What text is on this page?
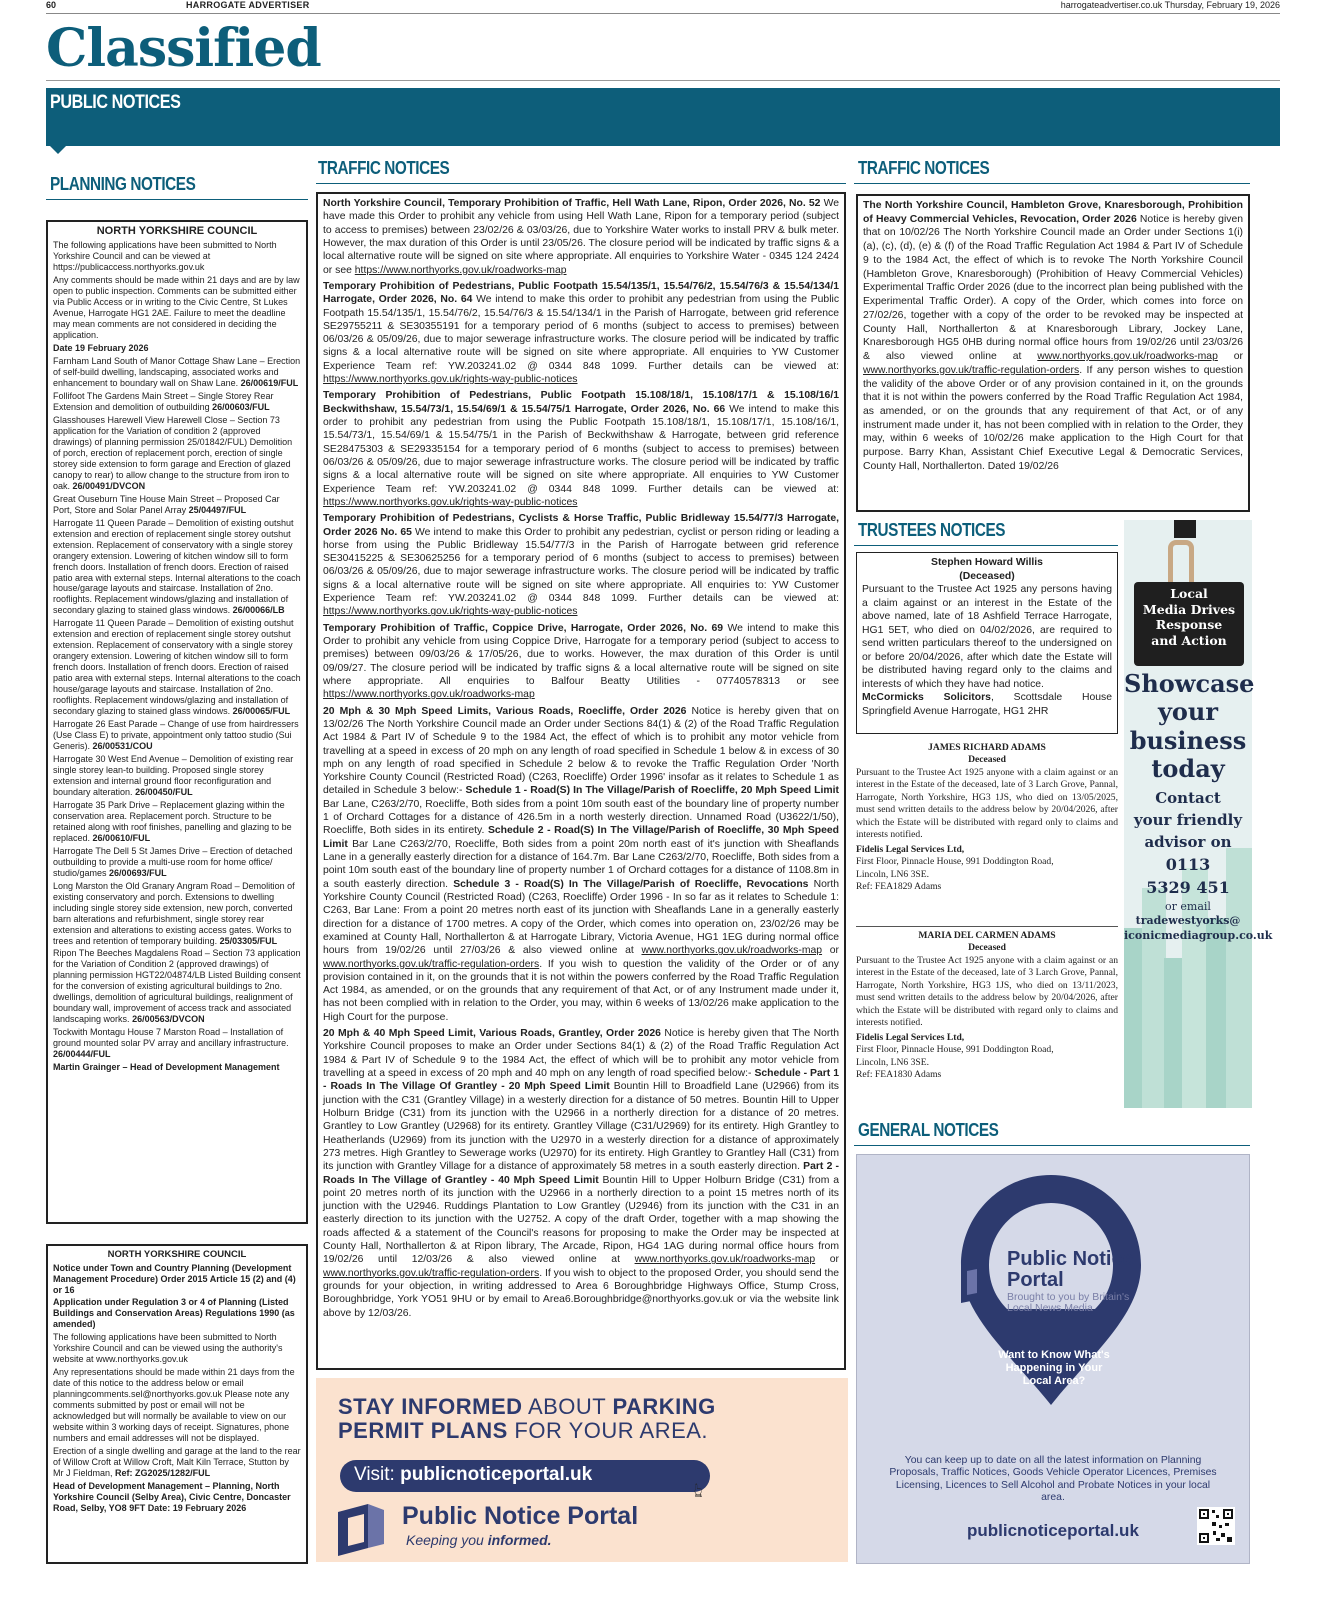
60	HARROGATE ADVERTISER	harrogateadvertiser.co.uk Thursday, February 19, 2026
Classified
PUBLIC NOTICES
PLANNING NOTICES
NORTH YORKSHIRE COUNCIL

The following applications have been submitted to North Yorkshire Council and can be viewed at https://publicaccess.northyorks.gov.uk

Any comments should be made within 21 days and are by law open to public inspection. Comments can be submitted either via Public Access or in writing to the Civic Centre, St Lukes Avenue, Harrogate HG1 2AE. Failure to meet the deadline may mean comments are not considered in deciding the application.

Date 19 February 2026

Farnham Land South of Manor Cottage Shaw Lane – Erection of self-build dwelling, landscaping, associated works and enhancement to boundary wall on Shaw Lane. 26/00619/FUL

Follifoot The Gardens Main Street – Single Storey Rear Extension and demolition of outbuilding 26/00603/FUL

Glasshouses Harewell View Harewell Close – Section 73 application for the Variation of condition 2 (approved drawings) of planning permission 25/01842/FUL) Demolition of porch, erection of replacement porch, erection of single storey side extension to form garage and Erection of glazed canopy to rear) to allow change to the structure from iron to oak. 26/00491/DVCON

Great Ouseburn Tine House Main Street – Proposed Car Port, Store and Solar Panel Array 25/04497/FUL

Harrogate 11 Queen Parade – Demolition of existing outshut extension and erection of replacement single storey outshut extension. Replacement of conservatory with a single storey orangery extension. Lowering of kitchen window sill to form french doors. Installation of french doors. Erection of raised patio area with external steps. Internal alterations to the coach house/garage layouts and staircase. Installation of 2no. rooflights. Replacement windows/glazing and installation of secondary glazing to stained glass windows. 26/00066/LB

Harrogate 11 Queen Parade – Demolition of existing outshut extension and erection of replacement single storey outshut extension. Replacement of conservatory with a single storey orangery extension. Lowering of kitchen window sill to form french doors. Installation of french doors. Erection of raised patio area with external steps. Internal alterations to the coach house/garage layouts and staircase. Installation of 2no. rooflights. Replacement windows/glazing and installation of secondary glazing to stained glass windows. 26/00065/FUL

Harrogate 26 East Parade – Change of use from hairdressers (Use Class E) to private, appointment only tattoo studio (Sui Generis). 26/00531/COU

Harrogate 30 West End Avenue – Demolition of existing rear single storey lean-to building. Proposed single storey extension and internal ground floor reconfiguration and boundary alteration. 26/00450/FUL

Harrogate 35 Park Drive – Replacement glazing within the conservation area. Replacement porch. Structure to be retained along with roof finishes, panelling and glazing to be replaced. 26/00610/FUL

Harrogate The Dell 5 St James Drive – Erection of detached outbuilding to provide a multi-use room for home office/ studio/games 26/00693/FUL

Long Marston the Old Granary Angram Road – Demolition of existing conservatory and porch. Extensions to dwelling including single storey side extension, new porch, converted barn alterations and refurbishment, single storey rear extension and alterations to existing access gates. Works to trees and retention of temporary building. 25/03305/FUL

Ripon The Beeches Magdalens Road – Section 73 application for the Variation of Condition 2 (approved drawings) of planning permission HGT22/04874/LB Listed Building consent for the conversion of existing agricultural buildings to 2no. dwellings, demolition of agricultural buildings, realignment of boundary wall, improvement of access track and associated landscaping works. 26/00563/DVCON

Tockwith Montagu House 7 Marston Road – Installation of ground mounted solar PV array and ancillary infrastructure. 26/00444/FUL

Martin Grainger – Head of Development Management

NORTH YORKSHIRE COUNCIL

Notice under Town and Country Planning (Development Management Procedure) Order 2015 Article 15 (2) and (4) or 16

Application under Regulation 3 or 4 of Planning (Listed Buildings and Conservation Areas) Regulations 1990 (as amended)

The following applications have been submitted to North Yorkshire Council and can be viewed using the authority's website at www.northyorks.gov.uk

Any representations should be made within 21 days from the date of this notice to the address below or email planningcomments.sel@northyorks.gov.uk Please note any comments submitted by post or email will not be acknowledged but will normally be available to view on our website within 3 working days of receipt. Signatures, phone numbers and email addresses will not be displayed.

Erection of a single dwelling and garage at the land to the rear of Willow Croft at Willow Croft, Malt Kiln Terrace, Stutton by Mr J Fieldman, Ref: ZG2025/1282/FUL

Head of Development Management – Planning, North Yorkshire Council (Selby Area), Civic Centre, Doncaster Road, Selby, YO8 9FT Date: 19 February 2026

TRAFFIC NOTICES

North Yorkshire Council, Temporary Prohibition of Traffic, Hell Wath Lane, Ripon, Order 2026, No. 52 We have made this Order to prohibit any vehicle from using Hell Wath Lane, Ripon for a temporary period (subject to access to premises) between 23/02/26 & 03/03/26, due to Yorkshire Water works to install PRV & bulk meter. However, the max duration of this Order is until 23/05/26. The closure period will be indicated by traffic signs & a local alternative route will be signed on site where appropriate. All enquiries to Yorkshire Water - 0345 124 2424 or see https://www.northyorks.gov.uk/roadworks-map

Temporary Prohibition of Pedestrians, Public Footpath 15.54/135/1, 15.54/76/2, 15.54/76/3 & 15.54/134/1 Harrogate, Order 2026, No. 64 We intend to make this order to prohibit any pedestrian from using the Public Footpath 15.54/135/1, 15.54/76/2, 15.54/76/3 & 15.54/134/1 in the Parish of Harrogate, between grid reference SE29755211 & SE30355191 for a temporary period of 6 months (subject to access to premises) between 06/03/26 & 05/09/26, due to major sewerage infrastructure works. The closure period will be indicated by traffic signs & a local alternative route will be signed on site where appropriate. All enquiries to YW Customer Experience Team ref: YW.203241.02 @ 0344 848 1099. Further details can be viewed at: https://www.northyorks.gov.uk/rights-way-public-notices

Temporary Prohibition of Pedestrians, Public Footpath 15.108/18/1, 15.108/17/1 & 15.108/16/1 Beckwithshaw, 15.54/73/1, 15.54/69/1 & 15.54/75/1 Harrogate, Order 2026, No. 66 We intend to make this order to prohibit any pedestrian from using the Public Footpath 15.108/18/1, 15.108/17/1, 15.108/16/1, 15.54/73/1, 15.54/69/1 & 15.54/75/1 in the Parish of Beckwithshaw & Harrogate, between grid reference SE28475303 & SE29335154 for a temporary period of 6 months (subject to access to premises) between 06/03/26 & 05/09/26, due to major sewerage infrastructure works. The closure period will be indicated by traffic signs & a local alternative route will be signed on site where appropriate. All enquiries to YW Customer Experience Team ref: YW.203241.02 @ 0344 848 1099. Further details can be viewed at: https://www.northyorks.gov.uk/rights-way-public-notices

Temporary Prohibition of Pedestrians, Cyclists & Horse Traffic, Public Bridleway 15.54/77/3 Harrogate, Order 2026 No. 65 We intend to make this Order to prohibit any pedestrian, cyclist or person riding or leading a horse from using the Public Bridleway 15.54/77/3 in the Parish of Harrogate between grid reference SE30415225 & SE30625256 for a temporary period of 6 months (subject to access to premises) between 06/03/26 & 05/09/26, due to major sewerage infrastructure works. The closure period will be indicated by traffic signs & a local alternative route will be signed on site where appropriate. All enquiries to: YW Customer Experience Team ref: YW.203241.02 @ 0344 848 1099. Further details can be viewed at: https://www.northyorks.gov.uk/rights-way-public-notices

Temporary Prohibition of Traffic, Coppice Drive, Harrogate, Order 2026, No. 69 We intend to make this Order to prohibit any vehicle from using Coppice Drive, Harrogate for a temporary period (subject to access to premises) between 09/03/26 & 17/05/26, due to works. However, the max duration of this Order is until 09/09/27. The closure period will be indicated by traffic signs & a local alternative route will be signed on site where appropriate. All enquiries to Balfour Beatty Utilities - 07740578313 or see https://www.northyorks.gov.uk/roadworks-map

20 Mph & 30 Mph Speed Limits, Various Roads, Roecliffe, Order 2026 Notice is hereby given that on 13/02/26 The North Yorkshire Council made an Order under Sections 84(1) & (2) of the Road Traffic Regulation Act 1984 & Part IV of Schedule 9 to the 1984 Act, the effect of which is to prohibit any motor vehicle from travelling at a speed in excess of 20 mph on any length of road specified in Schedule 1 below & in excess of 30 mph on any length of road specified in Schedule 2 below & to revoke the Traffic Regulation Order 'North Yorkshire County Council (Restricted Road) (C263, Roecliffe) Order 1996' insofar as it relates to Schedule 1 as detailed in Schedule 3 below:- Schedule 1 - Road(S) In The Village/Parish of Roecliffe, 20 Mph Speed Limit Bar Lane, C263/2/70, Roecliffe, Both sides from a point 10m south east of the boundary line of property number 1 of Orchard Cottages for a distance of 426.5m in a north westerly direction. Unnamed Road (U3622/1/50), Roecliffe, Both sides in its entirety. Schedule 2 - Road(S) In The Village/Parish of Roecliffe, 30 Mph Speed Limit Bar Lane C263/2/70, Roecliffe, Both sides from a point 20m north east of it's junction with Sheaflands Lane in a generally easterly direction for a distance of 164.7m. Bar Lane C263/2/70, Roecliffe, Both sides from a point 10m south east of the boundary line of property number 1 of Orchard cottages for a distance of 1108.8m in a south easterly direction. Schedule 3 - Road(S) In The Village/Parish of Roecliffe, Revocations North Yorkshire County Council (Restricted Road) (C263, Roecliffe) Order 1996 - In so far as it relates to Schedule 1: C263, Bar Lane: From a point 20 metres north east of its junction with Sheaflands Lane in a generally easterly direction for a distance of 1700 metres. A copy of the Order, which comes into operation on, 23/02/26 may be examined at County Hall, Northallerton & at Harrogate Library, Victoria Avenue, HG1 1EG during normal office hours from 19/02/26 until 27/03/26 & also viewed online at www.northyorks.gov.uk/roadworks-map or www.northyorks.gov.uk/traffic-regulation-orders. If you wish to question the validity of the Order or of any provision contained in it, on the grounds that it is not within the powers conferred by the Road Traffic Regulation Act 1984, as amended, or on the grounds that any requirement of that Act, or of any Instrument made under it, has not been complied with in relation to the Order, you may, within 6 weeks of 13/02/26 make application to the High Court for the purpose.

20 Mph & 40 Mph Speed Limit, Various Roads, Grantley, Order 2026 Notice is hereby given that The North Yorkshire Council proposes to make an Order under Sections 84(1) & (2) of the Road Traffic Regulation Act 1984 & Part IV of Schedule 9 to the 1984 Act, the effect of which will be to prohibit any motor vehicle from travelling at a speed in excess of 20 mph and 40 mph on any length of road specified below:- Schedule - Part 1 - Roads In The Village Of Grantley - 20 Mph Speed Limit Bountin Hill to Broadfield Lane (U2966) from its junction with the C31 (Grantley Village) in a westerly direction for a distance of 50 metres. Bountin Hill to Upper Holburn Bridge (C31) from its junction with the U2966 in a northerly direction for a distance of 20 metres. Grantley to Low Grantley (U2968) for its entirety. Grantley Village (C31/U2969) for its entirety. High Grantley to Heatherlands (U2969) from its junction with the U2970 in a westerly direction for a distance of approximately 273 metres. High Grantley to Sewerage works (U2970) for its entirety. High Grantley to Grantley Hall (C31) from its junction with Grantley Village for a distance of approximately 58 metres in a south easterly direction. Part 2 - Roads In The Village of Grantley - 40 Mph Speed Limit Bountin Hill to Upper Holburn Bridge (C31) from a point 20 metres north of its junction with the U2966 in a northerly direction to a point 15 metres north of its junction with the U2946. Ruddings Plantation to Low Grantley (U2946) from its junction with the C31 in an easterly direction to its junction with the U2752. A copy of the draft Order, together with a map showing the roads affected & a statement of the Council's reasons for proposing to make the Order may be inspected at County Hall, Northallerton & at Ripon library, The Arcade, Ripon, HG4 1AG during normal office hours from 19/02/26 until 12/03/26 & also viewed online at www.northyorks.gov.uk/roadworks-map or www.northyorks.gov.uk/traffic-regulation-orders. If you wish to object to the proposed Order, you should send the grounds for your objection, in writing addressed to Area 6 Boroughbridge Highways Office, Stump Cross, Boroughbridge, York YO51 9HU or by email to Area6.Boroughbridge@northyorks.gov.uk or via the website link above by 12/03/26.

STAY INFORMED ABOUT PARKING
PERMIT PLANS FOR YOUR AREA.
Visit: publicnoticeportal.uk
👆︎
Public Notice Portal
Keeping you informed.
TRAFFIC NOTICES
The North Yorkshire Council, Hambleton Grove, Knaresborough, Prohibition of Heavy Commercial Vehicles, Revocation, Order 2026 Notice is hereby given that on 10/02/26 The North Yorkshire Council made an Order under Sections 1(i) (a), (c), (d), (e) & (f) of the Road Traffic Regulation Act 1984 & Part IV of Schedule 9 to the 1984 Act, the effect of which is to revoke The North Yorkshire Council (Hambleton Grove, Knaresborough) (Prohibition of Heavy Commercial Vehicles) Experimental Traffic Order 2026 (due to the incorrect plan being published with the Experimental Traffic Order). A copy of the Order, which comes into force on 27/02/26, together with a copy of the order to be revoked may be inspected at County Hall, Northallerton & at Knaresborough Library, Jockey Lane, Knaresborough HG5 0HB during normal office hours from 19/02/26 until 23/03/26 & also viewed online at www.northyorks.gov.uk/roadworks-map or www.northyorks.gov.uk/traffic-regulation-orders. If any person wishes to question the validity of the above Order or of any provision contained in it, on the grounds that it is not within the powers conferred by the Road Traffic Regulation Act 1984, as amended, or on the grounds that any requirement of that Act, or of any instrument made under it, has not been complied with in relation to the Order, they may, within 6 weeks of 10/02/26 make application to the High Court for that purpose. Barry Khan, Assistant Chief Executive Legal & Democratic Services, County Hall, Northallerton. Dated 19/02/26
TRUSTEES NOTICES
Stephen Howard Willis
(Deceased)
Pursuant to the Trustee Act 1925 any persons having a claim against or an interest in the Estate of the above named, late of 18 Ashfield Terrace Harrogate, HG1 5ET, who died on 04/02/2026, are required to send written particulars thereof to the undersigned on or before 20/04/2026, after which date the Estate will be distributed having regard only to the claims and interests of which they have had notice.
McCormicks Solicitors, Scottsdale House Springfield Avenue Harrogate, HG1 2HR
JAMES RICHARD ADAMS
Deceased
Pursuant to the Trustee Act 1925 anyone with a claim against or an interest in the Estate of the deceased, late of 3 Larch Grove, Pannal, Harrogate, North Yorkshire, HG3 1JS, who died on 13/05/2025, must send written details to the address below by 20/04/2026, after which the Estate will be distributed with regard only to claims and interests notified.
Fidelis Legal Services Ltd,
First Floor, Pinnacle House, 991 Doddington Road,
Lincoln, LN6 3SE.
Ref: FEA1829 Adams
MARIA DEL CARMEN ADAMS
Deceased
Pursuant to the Trustee Act 1925 anyone with a claim against or an interest in the Estate of the deceased, late of 3 Larch Grove, Pannal, Harrogate, North Yorkshire, HG3 1JS, who died on 13/11/2023, must send written details to the address below by 20/04/2026, after which the Estate will be distributed with regard only to claims and interests notified.
Fidelis Legal Services Ltd,
First Floor, Pinnacle House, 991 Doddington Road,
Lincoln, LN6 3SE.
Ref: FEA1830 Adams
Local
Media Drives
Response
and Action
Showcase
your
business
today
Contact
your friendly
advisor on
0113
5329 451
or email
tradewestyorks@
iconicmediagroup.co.uk
GENERAL NOTICES
Public Notice
Portal
Brought to you by Britain's
Local News Media
Want to Know What's
Happening in Your
Local Area?
You can keep up to date on all the latest information on Planning Proposals, Traffic Notices, Goods Vehicle Operator Licences, Premises Licensing, Licences to Sell Alcohol and Probate Notices in your local area.
publicnoticeportal.uk
